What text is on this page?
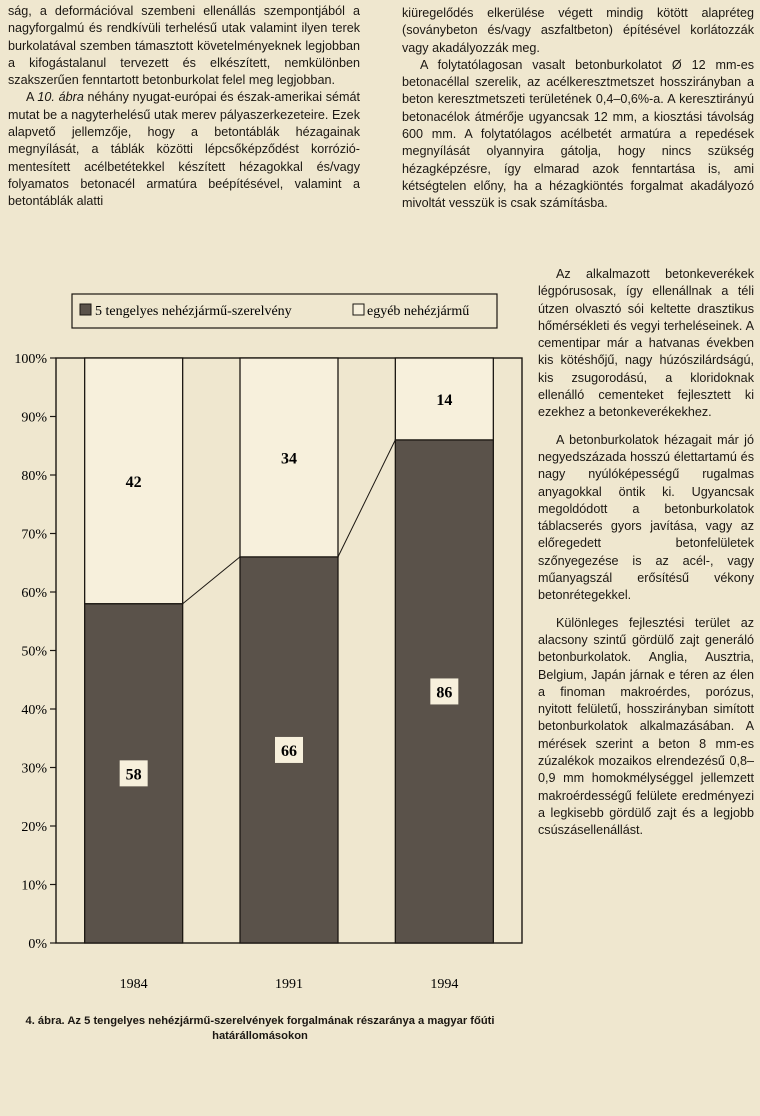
ság, a deformációval szembeni ellenállás szempontjából a nagyforgalmú és rendkívüli terhelésű utak valamint ilyen terek burkolatával szemben támasztott követelményeknek legjobban a kifogástalanul tervezett és elkészített, nemkülönben szakszerűen fenntartott betonburkolat felel meg legjobban.

A 10. ábra néhány nyugat-európai és észak-amerikai sémát mutat be a nagyterhelésű utak merev pályaszerkezeteire. Ezek alapvető jellemzője, hogy a betontáblák hézagainak megnyílását, a táblák közötti lépcsőképződést korróziómentesített acélbetétekkel készített hézagokkal és/vagy folyamatos betonacél armatúra beépítésével, valamint a betontáblák alatti

kiüregelődés elkerülése végett mindig kötött alapréteg (soványbeton és/vagy aszfaltbeton) építésével korlátozzák vagy akadályozzák meg.

A folytatólagosan vasalt betonburkolatot Ø 12 mm-es betonacéllal szerelik, az acélkeresztmetszet hosszirányban a beton keresztmetszeti területének 0,4–0,6%-a. A keresztirányú betonacélok átmérője ugyancsak 12 mm, a kiosztási távolság 600 mm. A folytatólagos acélbetét armatúra a repedések megnyílását olyannyira gátolja, hogy nincs szükség hézagképzésre, így elmarad azok fenntartása is, ami kétségtelen előny, ha a hézagkiöntés forgalmat akadályozó mivoltát vesszük is csak számításba.

Az alkalmazott betonkeverékek légpórusosak, így ellenállnak a téli útzen olvasztó sói keltette drasztikus hőmérsékleti és vegyi terheléseinek. A cementipar már a hatvanas években kis kötéshőjű, nagy húzószilárdságú, kis zsugorodású, a kloridoknak ellenálló cementeket fejlesztett ki ezekhez a betonkeverékekhez.

A betonburkolatok hézagait már jó negyedszázada hosszú élettartamú és nagy nyúlóképességű rugalmas anyagokkal öntik ki. Ugyancsak megoldódott a betonburkolatok táblacserés gyors javítása, vagy az előregedett betonfelületek szőnyegezése is az acél-, vagy műanyagszál erősítésű vékony betonrétegekkel.

Különleges fejlesztési terület az alacsony szintű gördülő zajt generáló betonburkolatok. Anglia, Ausztria, Belgium, Japán járnak e téren az élen a finoman makroérdes, porózus, nyitott felületű, hosszirányban simított betonburkolatok alkalmazásában. A mérések szerint a beton 8 mm-es zúzalékok mozaikos elrendezésű 0,8–0,9 mm homokmélységgel jellemzett makroérdességű felülete eredményezi a legkisebb gördülő zajt és a legjobb csúszásellenállást.

5 tengelyes nehézjármű-szerelvény	egyéb nehézjármű
0%
10%
20%
30%
40%
50%
60%
70%
80%
90%
100%
58
42
1984
66
34
1991
86
14
1994
4. ábra. Az 5 tengelyes nehézjármű-szerelvények forgalmának részaránya a magyar főúti határállomásokon
